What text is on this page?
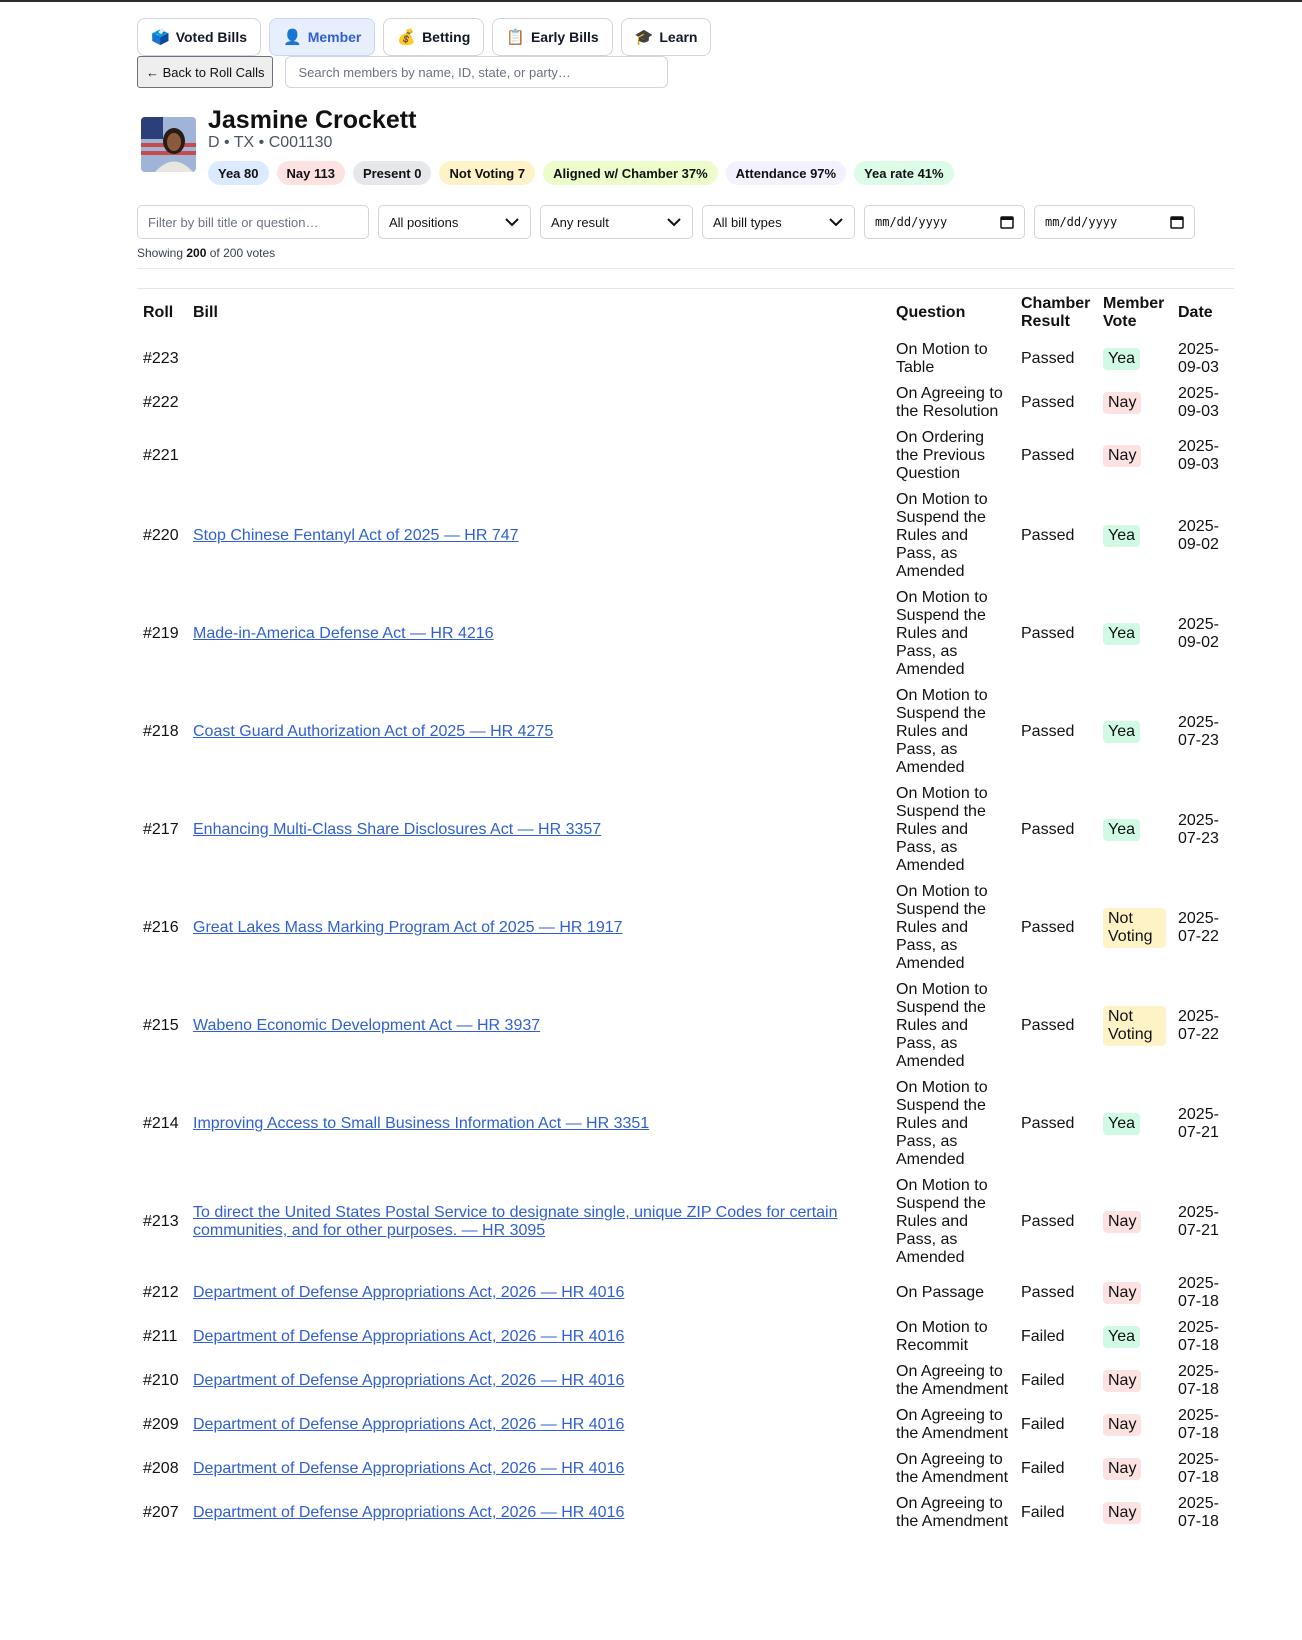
🗳️ Voted Bills 👤 Member 💰 Betting 📋 Early Bills 🎓 Learn
← Back to Roll Calls
Search members by name, ID, state, or party…
Jasmine Crockett
D • TX • C001130
Yea 80	Nay 113	Present 0	Not Voting 7	Aligned w/ Chamber 37%	Attendance 97%	Yea rate 41%
Filter by bill title or question…	All positions	Any result	All bill types	mm/dd/yyyy	mm/dd/yyyy
Showing 200 of 200 votes
Roll	Bill	Question	Chamber Result	Member Vote	Date
#223		On Motion to Table	Passed	Yea	2025-09-03
#222		On Agreeing to the Resolution	Passed	Nay	2025-09-03
#221		On Ordering the Previous Question	Passed	Nay	2025-09-03
#220	Stop Chinese Fentanyl Act of 2025 — HR 747	On Motion to Suspend the Rules and Pass, as Amended	Passed	Yea	2025-09-02
#219	Made-in-America Defense Act — HR 4216	On Motion to Suspend the Rules and Pass, as Amended	Passed	Yea	2025-09-02
#218	Coast Guard Authorization Act of 2025 — HR 4275	On Motion to Suspend the Rules and Pass, as Amended	Passed	Yea	2025-07-23
#217	Enhancing Multi-Class Share Disclosures Act — HR 3357	On Motion to Suspend the Rules and Pass, as Amended	Passed	Yea	2025-07-23
#216	Great Lakes Mass Marking Program Act of 2025 — HR 1917	On Motion to Suspend the Rules and Pass, as Amended	Passed	Not Voting	2025-07-22
#215	Wabeno Economic Development Act — HR 3937	On Motion to Suspend the Rules and Pass, as Amended	Passed	Not Voting	2025-07-22
#214	Improving Access to Small Business Information Act — HR 3351	On Motion to Suspend the Rules and Pass, as Amended	Passed	Yea	2025-07-21
#213	To direct the United States Postal Service to designate single, unique ZIP Codes for certain communities, and for other purposes. — HR 3095	On Motion to Suspend the Rules and Pass, as Amended	Passed	Nay	2025-07-21
#212	Department of Defense Appropriations Act, 2026 — HR 4016	On Passage	Passed	Nay	2025-07-18
#211	Department of Defense Appropriations Act, 2026 — HR 4016	On Motion to Recommit	Failed	Yea	2025-07-18
#210	Department of Defense Appropriations Act, 2026 — HR 4016	On Agreeing to the Amendment	Failed	Nay	2025-07-18
#209	Department of Defense Appropriations Act, 2026 — HR 4016	On Agreeing to the Amendment	Failed	Nay	2025-07-18
#208	Department of Defense Appropriations Act, 2026 — HR 4016	On Agreeing to the Amendment	Failed	Nay	2025-07-18
#207	Department of Defense Appropriations Act, 2026 — HR 4016	On Agreeing to the Amendment	Failed	Nay	2025-07-18
